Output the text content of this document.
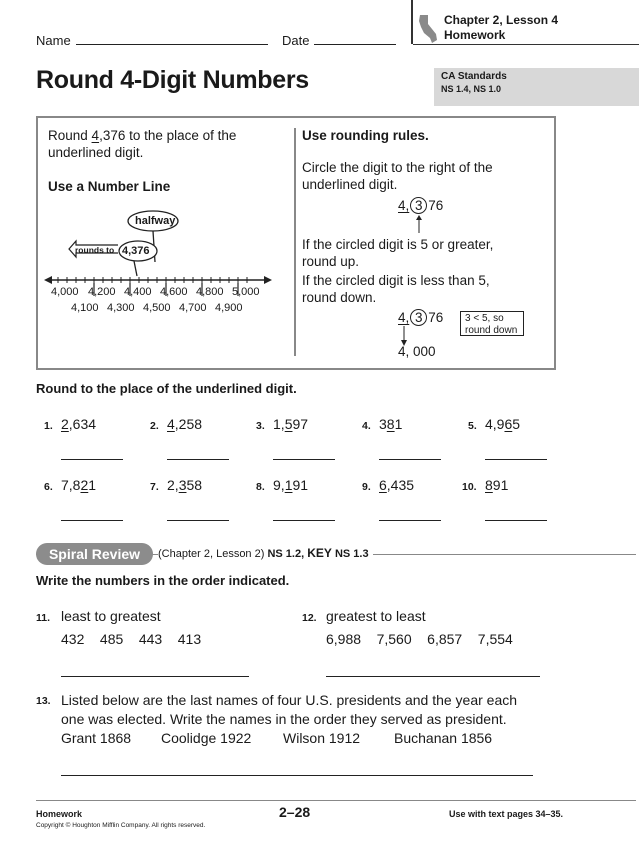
Name	Date
Chapter 2, Lesson 4
Homework
Round 4-Digit Numbers	CA Standards
NS 1.4, NS 1.0
Round 4,376 to the place of the
underlined digit.
Use a Number Line
halfway
rounds to 4,376
4,000 4,200 4,400 4,600 4,800 5,000
4,100 4,300 4,500 4,700 4,900
Use rounding rules.
Circle the digit to the right of the underlined digit.
4, 3 76
If the circled digit is 5 or greater, round up.
If the circled digit is less than 5, round down.
4, 3 76	3 < 5, so round down
4, 000
Round to the place of the underlined digit.
1. 2,634	2. 4,258	3. 1,597	4. 381	5. 4,965
6. 7,821	7. 2,358	8. 9,191	9. 6,435	10. 891
Spiral Review	(Chapter 2, Lesson 2) NS 1.2, KEY NS 1.3
Write the numbers in the order indicated.
11. least to greatest
432    485    443    413
12. greatest to least
6,988    7,560    6,857    7,554
13. Listed below are the last names of four U.S. presidents and the year each
one was elected. Write the names in the order they served as president.
Grant 1868 Coolidge 1922 Wilson 1912 Buchanan 1856
Homework	2–28	Use with text pages 34–35.
Copyright © Houghton Mifflin Company. All rights reserved.
